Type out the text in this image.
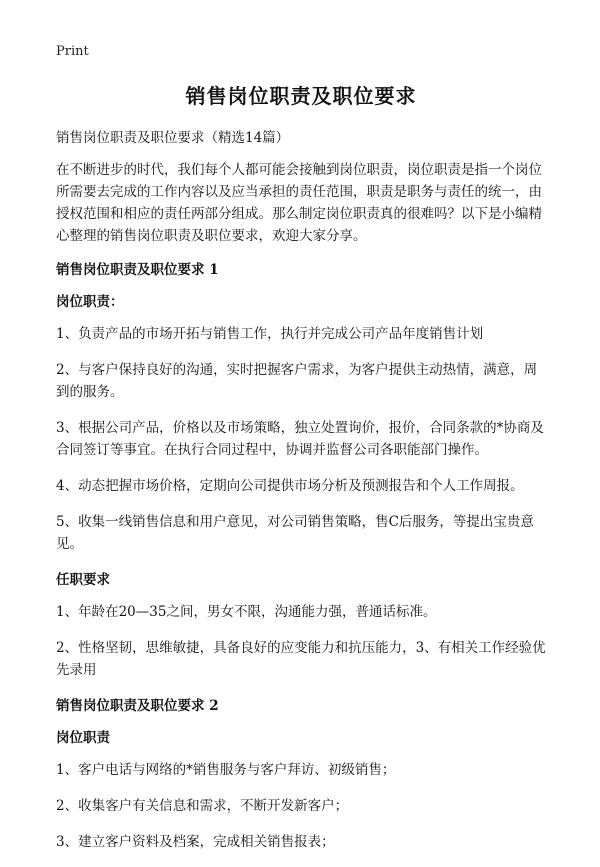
Print
销售岗位职责及职位要求

销售岗位职责及职位要求（精选14篇）

在不断进步的时代，我们每个人都可能会接触到岗位职责，岗位职责是指一个岗位所需要去完成的工作内容以及应当承担的责任范围，职责是职务与责任的统一，由授权范围和相应的责任两部分组成。那么制定岗位职责真的很难吗？以下是小编精心整理的销售岗位职责及职位要求，欢迎大家分享。

销售岗位职责及职位要求 1

岗位职责：

1、负责产品的市场开拓与销售工作，执行并完成公司产品年度销售计划

2、与客户保持良好的沟通，实时把握客户需求，为客户提供主动热情，满意，周到的服务。

3、根据公司产品，价格以及市场策略，独立处置询价，报价，合同条款的*协商及合同签订等事宜。在执行合同过程中，协调并监督公司各职能部门操作。

4、动态把握市场价格，定期向公司提供市场分析及预测报告和个人工作周报。

5、收集一线销售信息和用户意见，对公司销售策略，售C后服务，等提出宝贵意见。

任职要求

1、年龄在20—35之间，男女不限，沟通能力强，普通话标准。

2、性格坚韧，思维敏捷，具备良好的应变能力和抗压能力，3、有相关工作经验优先录用

销售岗位职责及职位要求 2

岗位职责

1、客户电话与网络的*销售服务与客户拜访、初级销售；

2、收集客户有关信息和需求，不断开发新客户；

3、建立客户资料及档案，完成相关销售报表；
